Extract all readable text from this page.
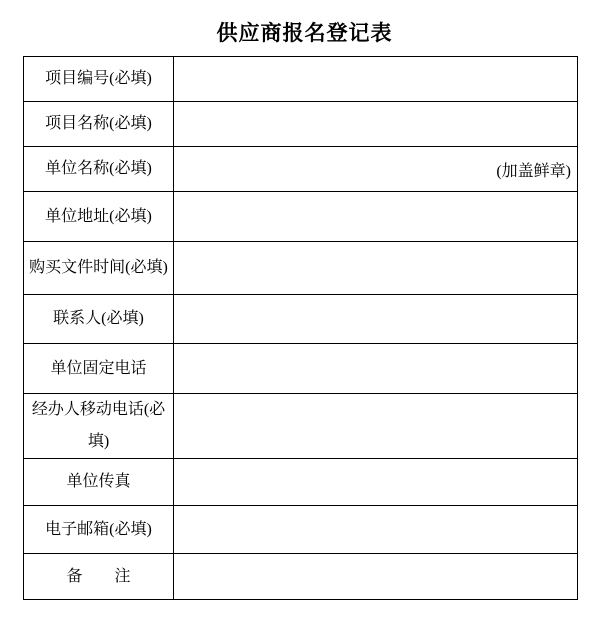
供应商报名登记表
项目编号(必填)	
项目名称(必填)	
单位名称(必填)	(加盖鲜章)
单位地址(必填)	
购买文件时间(必填)	
联系人(必填)	
单位固定电话	
经办人移动电话(必填)	
单位传真	
电子邮箱(必填)	
备　　注	
